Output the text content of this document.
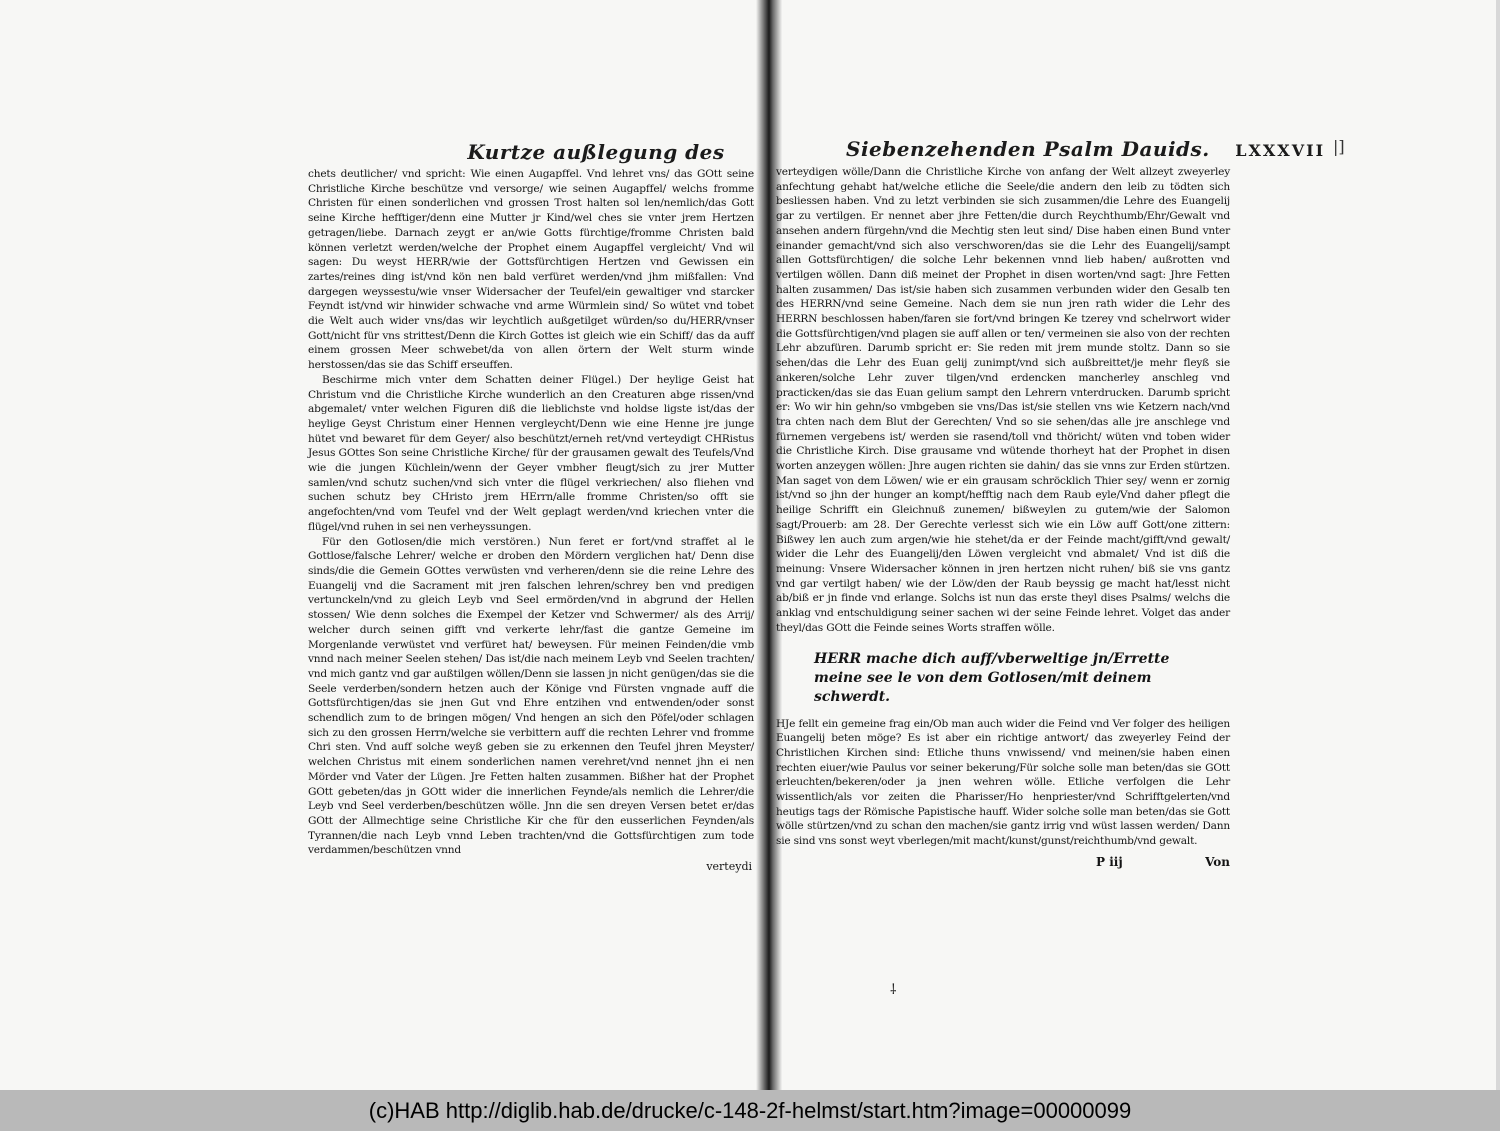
Kurtze außlegung des

chets deutlicher/ vnd spricht: Wie einen Augapffel. Vnd lehret vns/ das GOtt seine Christliche Kirche beschütze vnd versorge/ wie seinen Augapffel/ welchs fromme Christen für einen sonderlichen vnd grossen Trost halten sol len/nemlich/das Gott seine Kirche hefftiger/denn eine Mutter jr Kind/wel ches sie vnter jrem Hertzen getragen/liebe. Darnach zeygt er an/wie Gotts fürchtige/fromme Christen bald können verletzt werden/welche der Prophet einem Augapffel vergleicht/ Vnd wil sagen: Du weyst HERR/wie der Gottsfürchtigen Hertzen vnd Gewissen ein zartes/reines ding ist/vnd kön nen bald verfüret werden/vnd jhm mißfallen: Vnd dargegen weyssestu/wie vnser Widersacher der Teufel/ein gewaltiger vnd starcker Feyndt ist/vnd wir hinwider schwache vnd arme Würmlein sind/ So wütet vnd tobet die Welt auch wider vns/das wir leychtlich außgetilget würden/so du/HERR/vnser Gott/nicht für vns strittest/Denn die Kirch Gottes ist gleich wie ein Schiff/ das da auff einem grossen Meer schwebet/da von allen örtern der Welt sturm winde herstossen/das sie das Schiff erseuffen.

Beschirme mich vnter dem Schatten deiner Flügel.) Der heylige Geist hat Christum vnd die Christliche Kirche wunderlich an den Creaturen abge rissen/vnd abgemalet/ vnter welchen Figuren diß die lieblichste vnd holdse ligste ist/das der heylige Geyst Christum einer Hennen vergleycht/Denn wie eine Henne jre junge hütet vnd bewaret für dem Geyer/ also beschützt/erneh ret/vnd verteydigt CHRistus Jesus GOttes Son seine Christliche Kirche/ für der grausamen gewalt des Teufels/Vnd wie die jungen Küchlein/wenn der Geyer vmbher fleugt/sich zu jrer Mutter samlen/vnd schutz suchen/vnd sich vnter die flügel verkriechen/ also fliehen vnd suchen schutz bey CHristo jrem HErrn/alle fromme Christen/so offt sie angefochten/vnd vom Teufel vnd der Welt geplagt werden/vnd kriechen vnter die flügel/vnd ruhen in sei nen verheyssungen.

Für den Gotlosen/die mich verstören.) Nun feret er fort/vnd straffet al le Gottlose/falsche Lehrer/ welche er droben den Mördern verglichen hat/ Denn dise sinds/die die Gemein GOttes verwüsten vnd verheren/denn sie die reine Lehre des Euangelij vnd die Sacrament mit jren falschen lehren/schrey ben vnd predigen vertunckeln/vnd zu gleich Leyb vnd Seel ermörden/vnd in abgrund der Hellen stossen/ Wie denn solches die Exempel der Ketzer vnd Schwermer/ als des Arrij/ welcher durch seinen gifft vnd verkerte lehr/fast die gantze Gemeine im Morgenlande verwüstet vnd verfüret hat/ beweysen. Für meinen Feinden/die vmb vnnd nach meiner Seelen stehen/ Das ist/die nach meinem Leyb vnd Seelen trachten/ vnd mich gantz vnd gar außtilgen wöllen/Denn sie lassen jn nicht genügen/das sie die Seele verderben/sondern hetzen auch der Könige vnd Fürsten vngnade auff die Gottsfürchtigen/das sie jnen Gut vnd Ehre entzihen vnd entwenden/oder sonst schendlich zum to de bringen mögen/ Vnd hengen an sich den Pöfel/oder schlagen sich zu den grossen Herrn/welche sie verbittern auff die rechten Lehrer vnd fromme Chri sten. Vnd auff solche weyß geben sie zu erkennen den Teufel jhren Meyster/ welchen Christus mit einem sonderlichen namen verehret/vnd nennet jhn ei nen Mörder vnd Vater der Lügen. Jre Fetten halten zusammen. Bißher hat der Prophet GOtt gebeten/das jn GOtt wider die innerlichen Feynde/als nemlich die Lehrer/die Leyb vnd Seel verderben/beschützen wölle. Jnn die sen dreyen Versen betet er/das GOtt der Allmechtige seine Christliche Kir che für den eusserlichen Feynden/als Tyrannen/die nach Leyb vnnd Leben trachten/vnd die Gottsfürchtigen zum tode verdammen/beschützen vnnd

verteydi
Siebenzehenden Psalm Dauids. LXXXVII

verteydigen wölle/Dann die Christliche Kirche von anfang der Welt allzeyt zweyerley anfechtung gehabt hat/welche etliche die Seele/die andern den leib zu tödten sich besliessen haben. Vnd zu letzt verbinden sie sich zusammen/die Lehre des Euangelij gar zu vertilgen. Er nennet aber jhre Fetten/die durch Reychthumb/Ehr/Gewalt vnd ansehen andern fürgehn/vnd die Mechtig sten leut sind/ Dise haben einen Bund vnter einander gemacht/vnd sich also verschworen/das sie die Lehr des Euangelij/sampt allen Gottsfürchtigen/ die solche Lehr bekennen vnnd lieb haben/ außrotten vnd vertilgen wöllen. Dann diß meinet der Prophet in disen worten/vnd sagt: Jhre Fetten halten zusammen/ Das ist/sie haben sich zusammen verbunden wider den Gesalb ten des HERRN/vnd seine Gemeine. Nach dem sie nun jren rath wider die Lehr des HERRN beschlossen haben/faren sie fort/vnd bringen Ke tzerey vnd schelrwort wider die Gottsfürchtigen/vnd plagen sie auff allen or ten/ vermeinen sie also von der rechten Lehr abzufüren. Darumb spricht er: Sie reden mit jrem munde stoltz. Dann so sie sehen/das die Lehr des Euan gelij zunimpt/vnd sich außbreittet/je mehr fleyß sie ankeren/solche Lehr zuver tilgen/vnd erdencken mancherley anschleg vnd practicken/das sie das Euan gelium sampt den Lehrern vnterdrucken. Darumb spricht er: Wo wir hin gehn/so vmbgeben sie vns/Das ist/sie stellen vns wie Ketzern nach/vnd tra chten nach dem Blut der Gerechten/ Vnd so sie sehen/das alle jre anschlege vnd fürnemen vergebens ist/ werden sie rasend/toll vnd thöricht/ wüten vnd toben wider die Christliche Kirch. Dise grausame vnd wütende thorheyt hat der Prophet in disen worten anzeygen wöllen: Jhre augen richten sie dahin/ das sie vnns zur Erden stürtzen. Man saget von dem Löwen/ wie er ein grausam schröcklich Thier sey/ wenn er zornig ist/vnd so jhn der hunger an kompt/hefftig nach dem Raub eyle/Vnd daher pflegt die heilige Schrifft ein Gleichnuß zunemen/ bißweylen zu gutem/wie der Salomon sagt/Prouerb: am 28. Der Gerechte verlesst sich wie ein Löw auff Gott/one zittern: Bißwey len auch zum argen/wie hie stehet/da er der Feinde macht/gifft/vnd gewalt/ wider die Lehr des Euangelij/den Löwen vergleicht vnd abmalet/ Vnd ist diß die meinung: Vnsere Widersacher können in jren hertzen nicht ruhen/ biß sie vns gantz vnd gar vertilgt haben/ wie der Löw/den der Raub beyssig ge macht hat/lesst nicht ab/biß er jn finde vnd erlange. Solchs ist nun das erste theyl dises Psalms/ welchs die anklag vnd entschuldigung seiner sachen wi der seine Feinde lehret. Volget das ander theyl/das GOtt die Feinde seines Worts straffen wölle.

HERR mache dich auff/vberweltige jn/Errette meine see le von dem Gotlosen/mit deinem schwerdt.

HJe fellt ein gemeine frag ein/Ob man auch wider die Feind vnd Ver folger des heiligen Euangelij beten möge? Es ist aber ein richtige antwort/ das zweyerley Feind der Christlichen Kirchen sind: Etliche thuns vnwissend/ vnd meinen/sie haben einen rechten eiuer/wie Paulus vor seiner bekerung/Für solche solle man beten/das sie GOtt erleuchten/bekeren/oder ja jnen wehren wölle. Etliche verfolgen die Lehr wissentlich/als vor zeiten die Pharisser/Ho henpriester/vnd Schrifftgelerten/vnd heutigs tags der Römische Papistische hauff. Wider solche solle man beten/das sie Gott wölle stürtzen/vnd zu schan den machen/sie gantz irrig vnd wüst lassen werden/ Dann sie sind vns sonst weyt vberlegen/mit macht/kunst/gunst/reichthumb/vnd gewalt.

P iij	Von
|]
⸸
(c)HAB http://diglib.hab.de/drucke/c-148-2f-helmst/start.htm?image=00000099
